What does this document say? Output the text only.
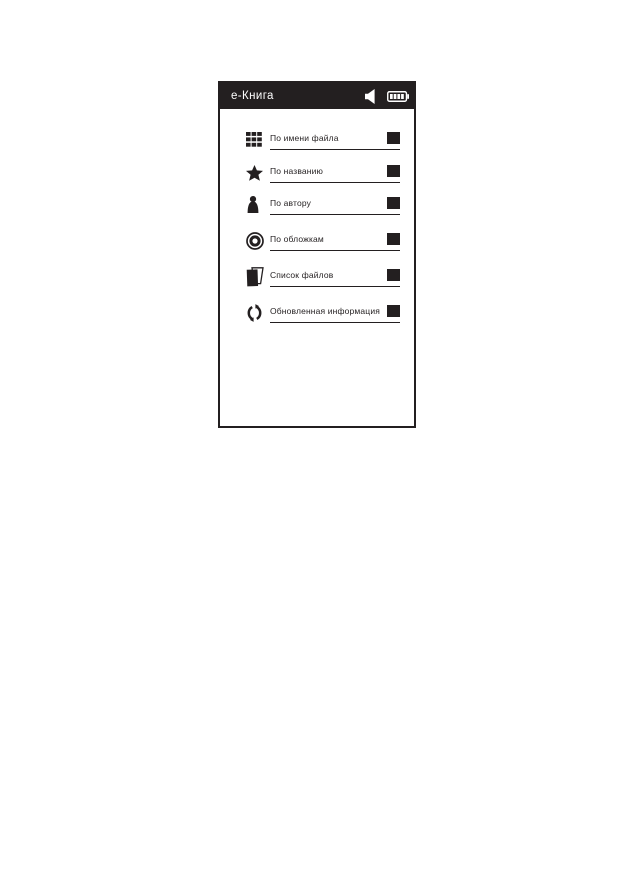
е-Книга
По имени файла
По названию
По автору
По обложкам
Список файлов
Обновленная информация
